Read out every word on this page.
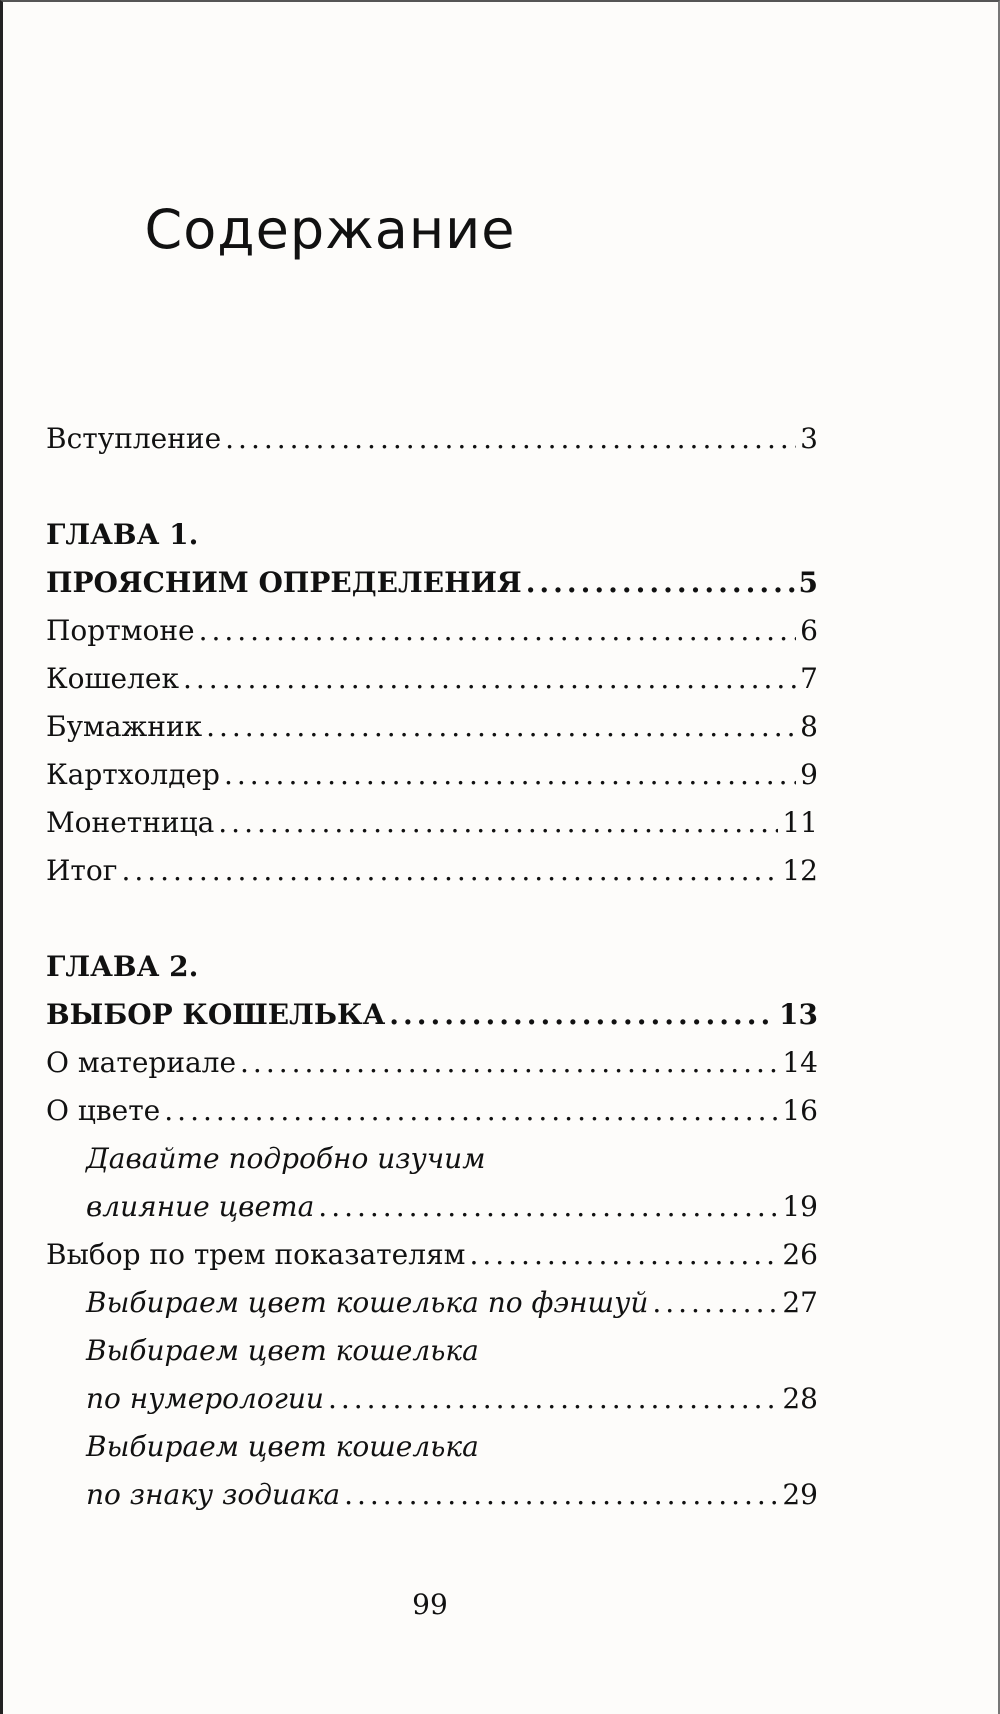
Содержание
Вступление .....	3
ГЛАВА 1.
ПРОЯСНИМ ОПРЕДЕЛЕНИЯ .....	5
Портмоне .....	6
Кошелек .....	7
Бумажник .....	8
Картхолдер .....	9
Монетница .....	11
Итог .....	12
ГЛАВА 2.
ВЫБОР КОШЕЛЬКА .....	13
О материале .....	14
О цвете .....	16
Давайте подробно изучим
влияние цвета .....	19
Выбор по трем показателям .....	26
Выбираем цвет кошелька по фэншуй .....	27
Выбираем цвет кошелька
по нумерологии .....	28
Выбираем цвет кошелька
по знаку зодиака .....	29
99
